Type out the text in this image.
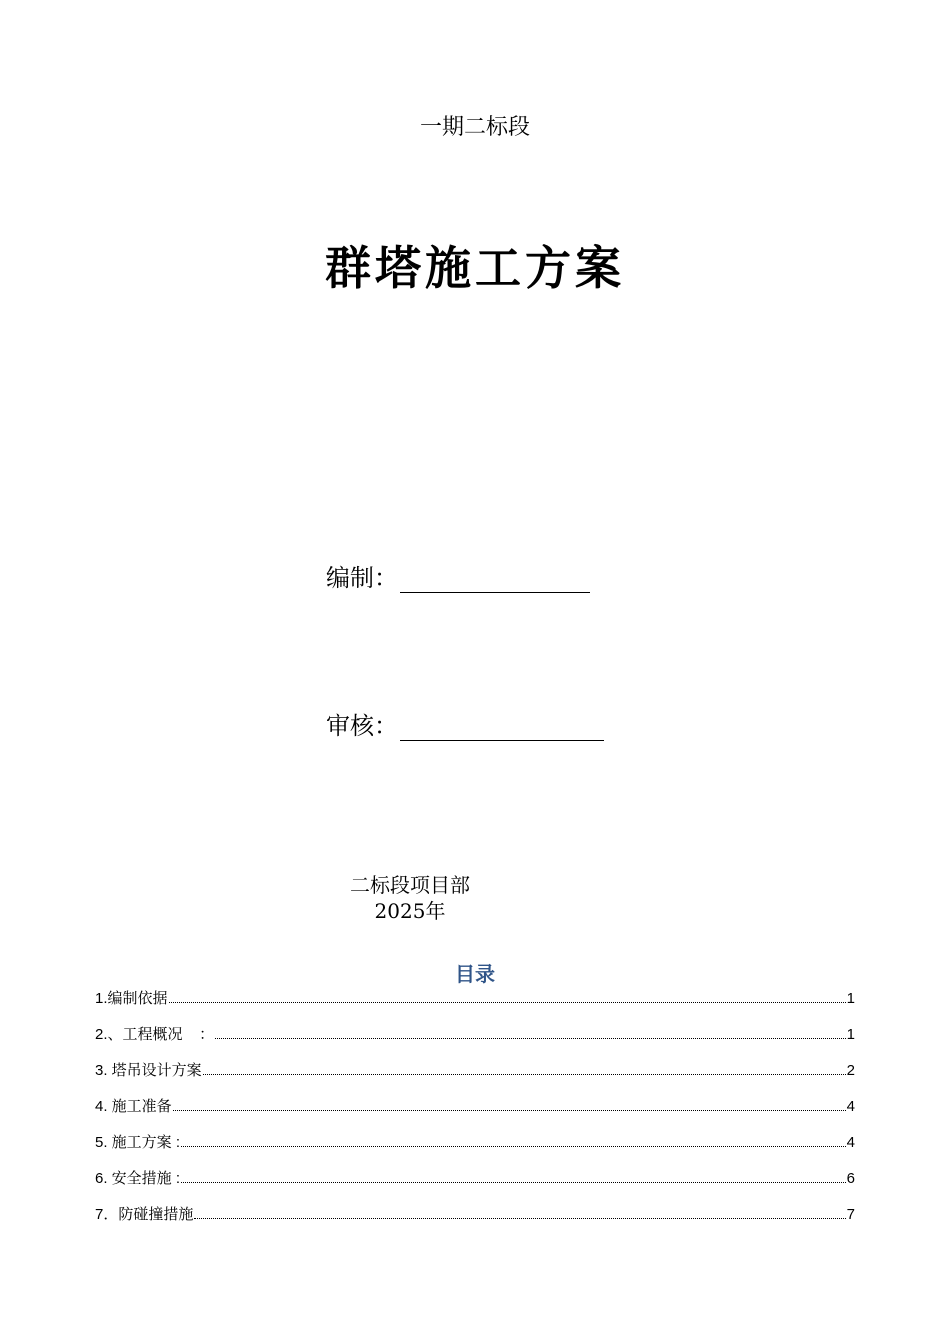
一期二标段
群塔施工方案
编制：
审核：
二标段项目部
2025年
目录
1.编制依据	1
2.、工程概况    ：	1
3. 塔吊设计方案	2
4. 施工准备	4
5. 施工方案 :	4
6. 安全措施 :	6
7．防碰撞措施	7
